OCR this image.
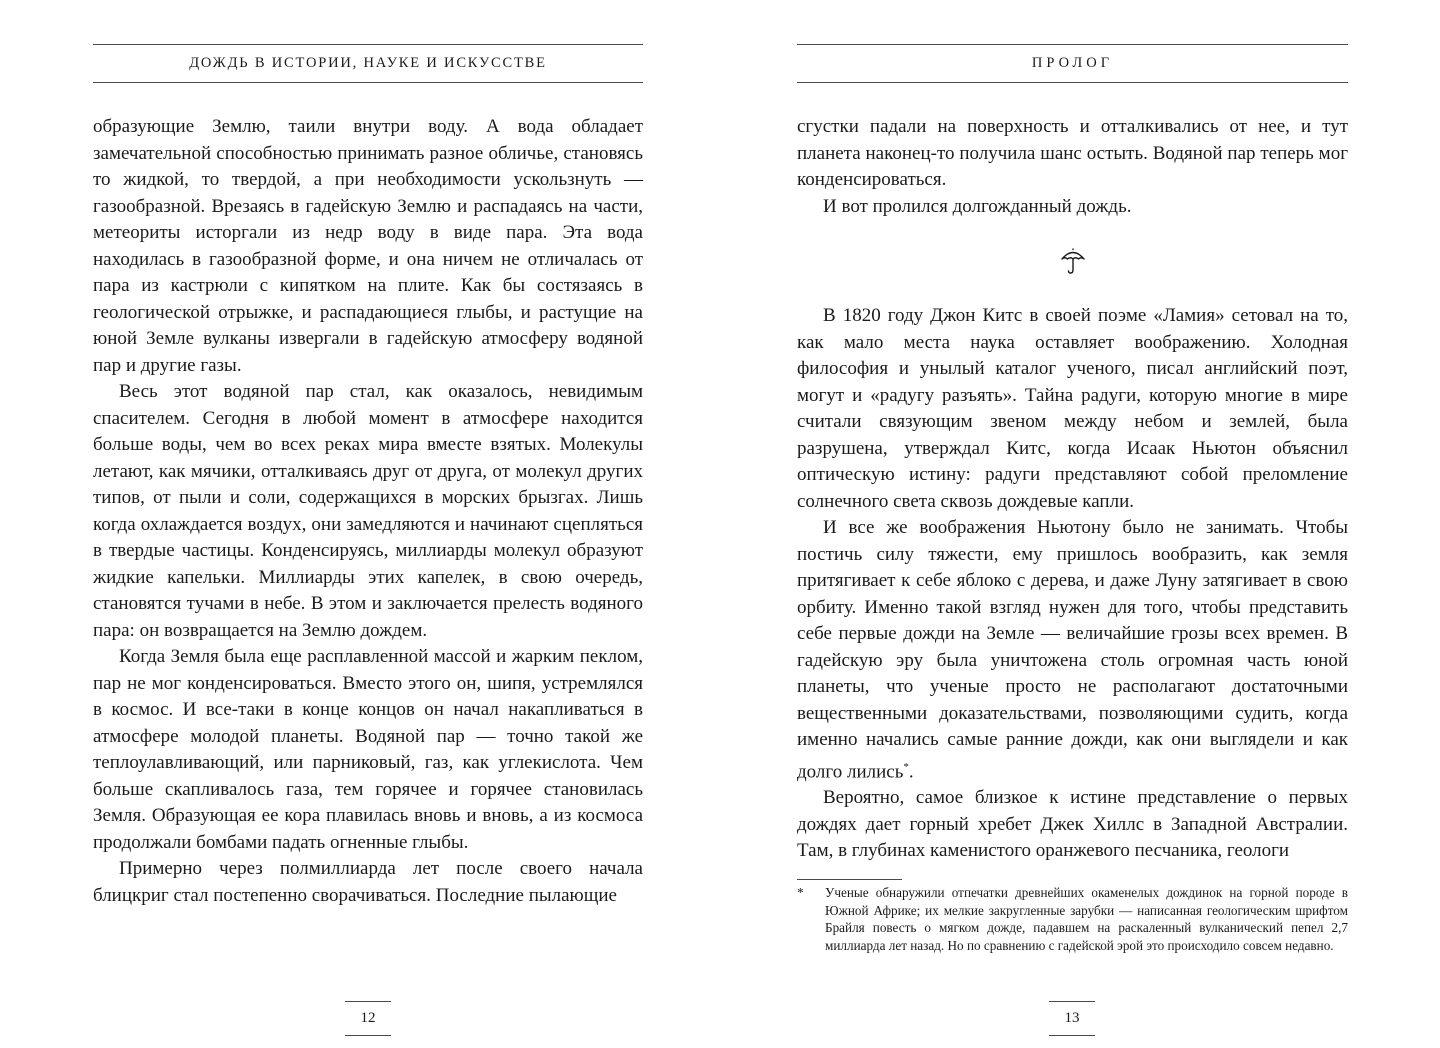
ДОЖДЬ В ИСТОРИИ, НАУКЕ И ИСКУССТВЕ

образующие Землю, таили внутри воду. А вода обладает замечательной способностью принимать разное обличье, становясь то жидкой, то твердой, а при необходимости ускользнуть — газообразной. Врезаясь в гадейскую Землю и распадаясь на части, метеориты исторгали из недр воду в виде пара. Эта вода находилась в газообразной форме, и она ничем не отличалась от пара из кастрюли с кипятком на плите. Как бы состязаясь в геологической отрыжке, и распадающиеся глыбы, и растущие на юной Земле вулканы извергали в гадейскую атмосферу водяной пар и другие газы.

Весь этот водяной пар стал, как оказалось, невидимым спасителем. Сегодня в любой момент в атмосфере находится больше воды, чем во всех реках мира вместе взятых. Молекулы летают, как мячики, отталкиваясь друг от друга, от молекул других типов, от пыли и соли, содержащихся в морских брызгах. Лишь когда охлаждается воздух, они замедляются и начинают сцепляться в твердые частицы. Конденсируясь, миллиарды молекул образуют жидкие капельки. Миллиарды этих капелек, в свою очередь, становятся тучами в небе. В этом и заключается прелесть водяного пара: он возвращается на Землю дождем.

Когда Земля была еще расплавленной массой и жарким пеклом, пар не мог конденсироваться. Вместо этого он, шипя, устремлялся в космос. И все-таки в конце концов он начал накапливаться в атмосфере молодой планеты. Водяной пар — точно такой же теплоулавливающий, или парниковый, газ, как углекислота. Чем больше скапливалось газа, тем горячее и горячее становилась Земля. Образующая ее кора плавилась вновь и вновь, а из космоса продолжали бомбами падать огненные глыбы.

Примерно через полмиллиарда лет после своего начала блицкриг стал постепенно сворачиваться. Последние пылающие

12
ПРОЛОГ

сгустки падали на поверхность и отталкивались от нее, и тут планета наконец-то получила шанс остыть. Водяной пар теперь мог конденсироваться.

И вот пролился долгожданный дождь.

В 1820 году Джон Китс в своей поэме «Ламия» сетовал на то, как мало места наука оставляет воображению. Холодная философия и унылый каталог ученого, писал английский поэт, могут и «радугу разъять». Тайна радуги, которую многие в мире считали связующим звеном между небом и землей, была разрушена, утверждал Китс, когда Исаак Ньютон объяснил оптическую истину: радуги представляют собой преломление солнечного света сквозь дождевые капли.

И все же воображения Ньютону было не занимать. Чтобы постичь силу тяжести, ему пришлось вообразить, как земля притягивает к себе яблоко с дерева, и даже Луну затягивает в свою орбиту. Именно такой взгляд нужен для того, чтобы представить себе первые дожди на Земле — величайшие грозы всех времен. В гадейскую эру была уничтожена столь огромная часть юной планеты, что ученые просто не располагают достаточными вещественными доказательствами, позволяющими судить, когда именно начались самые ранние дожди, как они выглядели и как долго лились*.

Вероятно, самое близкое к истине представление о первых дождях дает горный хребет Джек Хиллс в Западной Австралии. Там, в глубинах каменистого оранжевого песчаника, геологи

* Ученые обнаружили отпечатки древнейших окаменелых дождинок на горной породе в Южной Африке; их мелкие закругленные зарубки — написанная геологическим шрифтом Брайля повесть о мягком дожде, падавшем на раскаленный вулканический пепел 2,7 миллиарда лет назад. Но по сравнению с гадейской эрой это происходило совсем недавно.
13
